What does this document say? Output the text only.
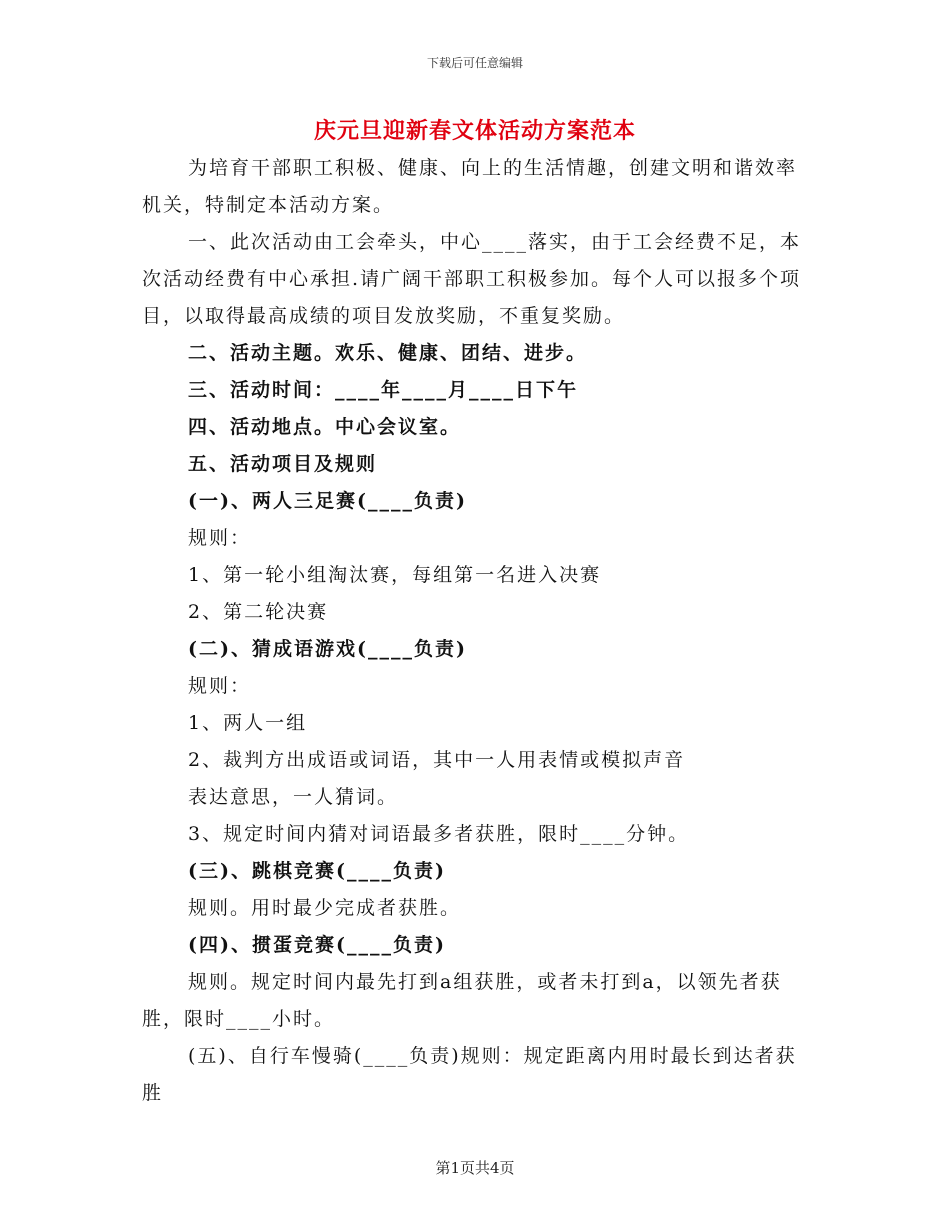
下载后可任意编辑
庆元旦迎新春文体活动方案范本

为培育干部职工积极、健康、向上的生活情趣，创建文明和谐效率机关，特制定本活动方案。

一、此次活动由工会牵头，中心____落实，由于工会经费不足，本次活动经费有中心承担.请广阔干部职工积极参加。每个人可以报多个项目，以取得最高成绩的项目发放奖励，不重复奖励。

二、活动主题。欢乐、健康、团结、进步。

三、活动时间：____年____月____日下午

四、活动地点。中心会议室。

五、活动项目及规则

(一)、两人三足赛(____负责)

规则：

1、第一轮小组淘汰赛，每组第一名进入决赛

2、第二轮决赛

(二)、猜成语游戏(____负责)

规则：

1、两人一组

2、裁判方出成语或词语，其中一人用表情或模拟声音

表达意思，一人猜词。

3、规定时间内猜对词语最多者获胜，限时____分钟。

(三)、跳棋竞赛(____负责)

规则。用时最少完成者获胜。

(四)、掼蛋竞赛(____负责)

规则。规定时间内最先打到a组获胜，或者未打到a，以领先者获胜，限时____小时。

(五)、自行车慢骑(____负责)规则：规定距离内用时最长到达者获胜

第1页共4页
